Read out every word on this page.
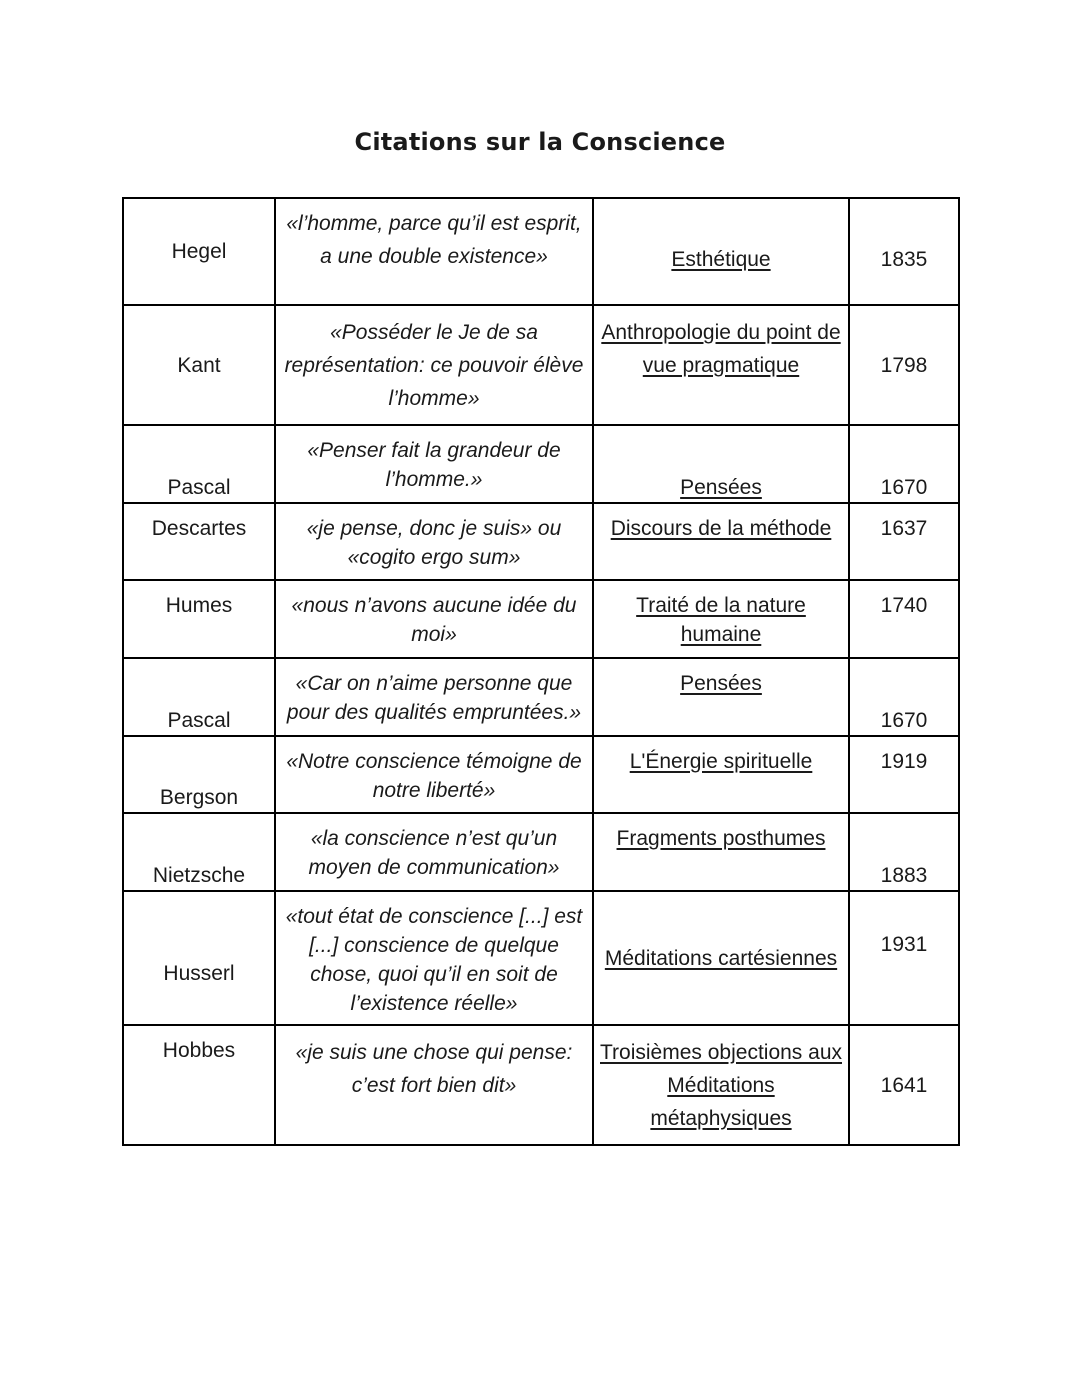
Citations sur la Conscience
Hegel	«l’homme, parce qu’il est esprit, a une double existence»	Esthétique	1835
Kant	«Posséder le Je de sa représentation: ce pouvoir élève l’homme»	Anthropologie du point de vue pragmatique	1798
Pascal	«Penser fait la grandeur de l’homme.»	Pensées	1670
Descartes	«je pense, donc je suis» ou «cogito ergo sum»	Discours de la méthode	1637
Humes	«nous n’avons aucune idée du moi»	Traité de la nature humaine	1740
Pascal	«Car on n’aime personne que pour des qualités empruntées.»	Pensées	1670
Bergson	«Notre conscience témoigne de notre liberté»	L'Énergie spirituelle	1919
Nietzsche	«la conscience n’est qu’un moyen de communication»	Fragments posthumes	1883
Husserl	«tout état de conscience [...] est [...] conscience de quelque chose, quoi qu’il en soit de l’existence réelle»	Méditations cartésiennes	1931
Hobbes	«je suis une chose qui pense: c’est fort bien dit»	Troisièmes objections aux Méditations métaphysiques	1641
